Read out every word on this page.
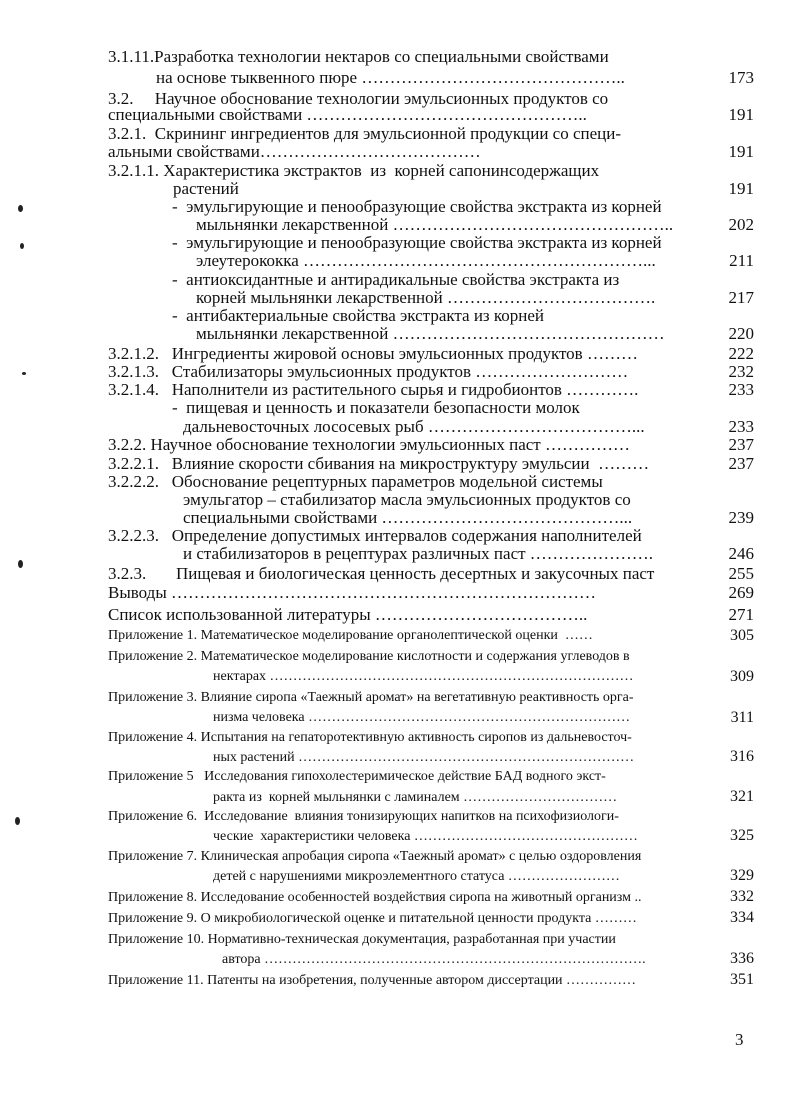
3.1.11.Разработка технологии нектаров со специальными свойствами
на основе тыквенного пюре ………………………………………..	173
3.2.     Научное обоснование технологии эмульсионных продуктов со
специальными свойствами …………………………………………..	191
3.2.1.  Скрининг ингредиентов для эмульсионной продукции со специ-
альными свойствами…………………………………	191
3.2.1.1. Характеристика экстрактов  из  корней сапонинсодержащих
растений	191
-  эмульгирующие и пенообразующие свойства экстракта из корней
мыльнянки лекарственной …………………………………………..	202
-  эмульгирующие и пенообразующие свойства экстракта из корней
элеутерококка ……………………………………………………...	211
-  антиоксидантные и антирадикальные свойства экстракта из
корней мыльнянки лекарственной ……………………………….	217
-  антибактериальные свойства экстракта из корней
мыльнянки лекарственной …………………………………………	220
3.2.1.2.   Ингредиенты жировой основы эмульсионных продуктов ………	222
3.2.1.3.   Стабилизаторы эмульсионных продуктов ………………………	232
3.2.1.4.   Наполнители из растительного сырья и гидробионтов ………….	233
-  пищевая и ценность и показатели безопасности молок
дальневосточных лососевых рыб ………………………………...	233
3.2.2. Научное обоснование технологии эмульсионных паст ……………	237
3.2.2.1.   Влияние скорости сбивания на микроструктуру эмульсии  ………	237
3.2.2.2.   Обоснование рецептурных параметров модельной системы
эмульгатор – стабилизатор масла эмульсионных продуктов со
специальными свойствами ……………………………………...	239
3.2.2.3.   Определение допустимых интервалов содержания наполнителей
и стабилизаторов в рецептурах различных паст ………………….	246
3.2.3.       Пищевая и биологическая ценность десертных и закусочных паст	255
Выводы …………………………………………………………………	269
Список использованной литературы ………………………………..	271
Приложение 1. Математическое моделирование органолептической оценки  ……	305
Приложение 2. Математическое моделирование кислотности и содержания углеводов в
нектарах ……………………………………………………………………	309
Приложение 3. Влияние сиропа «Таежный аромат» на вегетативную реактивность орга-
низма человека ……………………………………………………………	311
Приложение 4. Испытания на гепатоpотективную активность сиропов из дальневосточ-
ных растений ………………………………………………………………	316
Приложение 5   Исследования гипохолестеримическое действие БАД водного экст-
ракта из  корней мыльнянки с ламиналем ……………………………	321
Приложение 6.  Исследование  влияния тонизирующих напитков на психофизиологи-
ческие  характеристики человека …………………………………………	325
Приложение 7. Клиническая апробация сиропа «Таежный аромат» с целью оздоровления
детей с нарушениями микроэлементного статуса ……………………	329
Приложение 8. Исследование особенностей воздействия сиропа на животный организм ..	332
Приложение 9. О микробиологической оценке и питательной ценности продукта ………	334
Приложение 10. Нормативно-техническая документация, разработанная при участии
автора ……………………………………………………………………….	336
Приложение 11. Патенты на изобретения, полученные автором диссертации ……………	351
3
